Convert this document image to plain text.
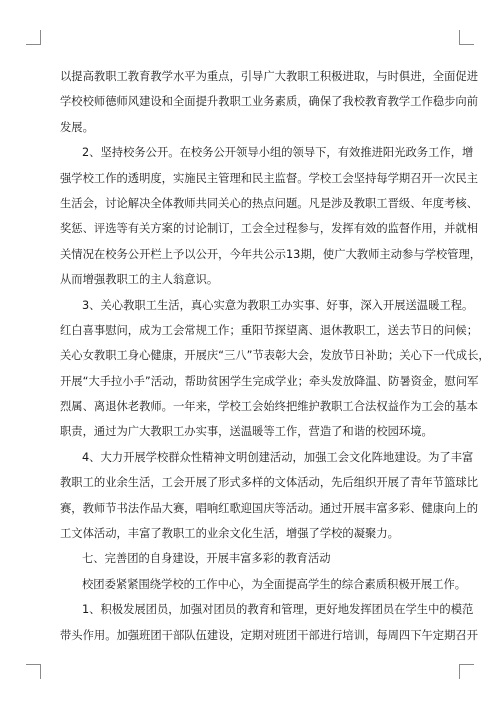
以提高教职工教育教学水平为重点，引导广大教职工积极进取，与时俱进，全面促进
学校校师德师风建设和全面提升教职工业务素质，确保了我校教育教学工作稳步向前
发展。
2、坚持校务公开。在校务公开领导小组的领导下，有效推进阳光政务工作，增
强学校工作的透明度，实施民主管理和民主监督。学校工会坚持每学期召开一次民主
生活会，讨论解决全体教师共同关心的热点问题。凡是涉及教职工晋级、年度考核、
奖惩、评选等有关方案的讨论制订，工会全过程参与，发挥有效的监督作用，并就相
关情况在校务公开栏上予以公开，今年共公示13期，使广大教师主动参与学校管理，
从而增强教职工的主人翁意识。
3、关心教职工生活，真心实意为教职工办实事、好事，深入开展送温暖工程。
红白喜事慰问，成为工会常规工作；重阳节探望离、退休教职工，送去节日的问候；
关心女教职工身心健康，开展庆“三八”节表彰大会，发放节日补助；关心下一代成长，
开展“大手拉小手”活动，帮助贫困学生完成学业；牵头发放降温、防暑资金，慰问军
烈属、离退休老教师。一年来，学校工会始终把维护教职工合法权益作为工会的基本
职责，通过为广大教职工办实事，送温暖等工作，营造了和谐的校园环境。
4、大力开展学校群众性精神文明创建活动，加强工会文化阵地建设。为了丰富
教职工的业余生活，工会开展了形式多样的文体活动，先后组织开展了青年节篮球比
赛，教师节书法作品大赛，唱响红歌迎国庆等活动。通过开展丰富多彩、健康向上的
工文体活动，丰富了教职工的业余文化生活，增强了学校的凝聚力。
七、完善团的自身建设，开展丰富多彩的教育活动
校团委紧紧围绕学校的工作中心，为全面提高学生的综合素质积极开展工作。
1、积极发展团员，加强对团员的教育和管理，更好地发挥团员在学生中的模范
带头作用。加强班团干部队伍建设，定期对班团干部进行培训，每周四下午定期召开
